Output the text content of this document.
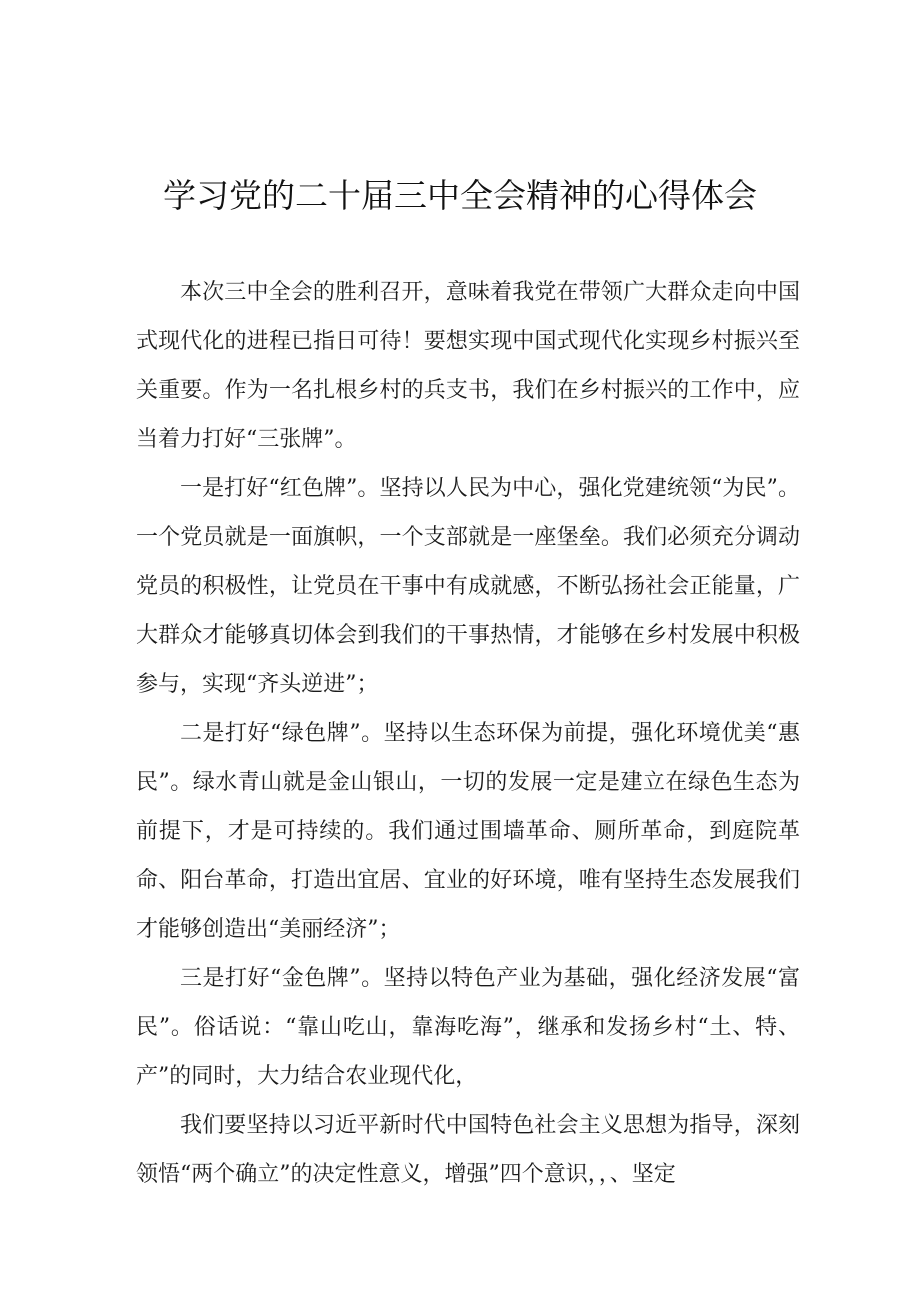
学习党的二十届三中全会精神的心得体会

本次三中全会的胜利召开，意味着我党在带领广大群众走向中国式现代化的进程已指日可待！要想实现中国式现代化实现乡村振兴至关重要。作为一名扎根乡村的兵支书，我们在乡村振兴的工作中，应当着力打好“三张牌”。

一是打好“红色牌”。坚持以人民为中心，强化党建统领“为民”。一个党员就是一面旗帜，一个支部就是一座堡垒。我们必须充分调动党员的积极性，让党员在干事中有成就感，不断弘扬社会正能量，广大群众才能够真切体会到我们的干事热情，才能够在乡村发展中积极参与，实现“齐头逆进”；

二是打好“绿色牌”。坚持以生态环保为前提，强化环境优美“惠民”。绿水青山就是金山银山，一切的发展一定是建立在绿色生态为前提下，才是可持续的。我们通过围墙革命、厕所革命，到庭院革命、阳台革命，打造出宜居、宜业的好环境，唯有坚持生态发展我们才能够创造出“美丽经济”；

三是打好“金色牌”。坚持以特色产业为基础，强化经济发展“富民”。俗话说：“靠山吃山，靠海吃海”，继承和发扬乡村“土、特、产”的同时，大力结合农业现代化，

我们要坚持以习近平新时代中国特色社会主义思想为指导，深刻领悟“两个确立”的决定性意义，增强”四个意识，，、坚定
